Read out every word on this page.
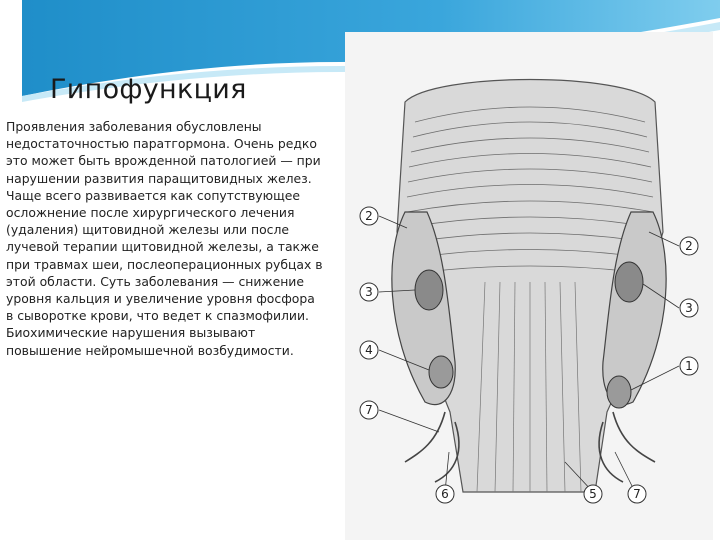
Гипофункция

Проявления заболевания обусловлены недостаточностью паратгормона. Очень редко это может быть врожденной патологией — при нарушении развития паращитовидных желез.

Чаще всего развивается как сопутствующее осложнение после хирургического лечения (удаления) щитовидной железы или после лучевой терапии щитовидной железы, а также при травмах шеи, послеоперационных рубцах в этой области. Суть заболевания — снижение уровня кальция и увеличение уровня фосфора в сыворотке крови, что ведет к спазмофилии.

Биохимические нарушения вызывают повышение нейромышечной возбудимости.

2
3
4
7
2
3
1
6	5	7
